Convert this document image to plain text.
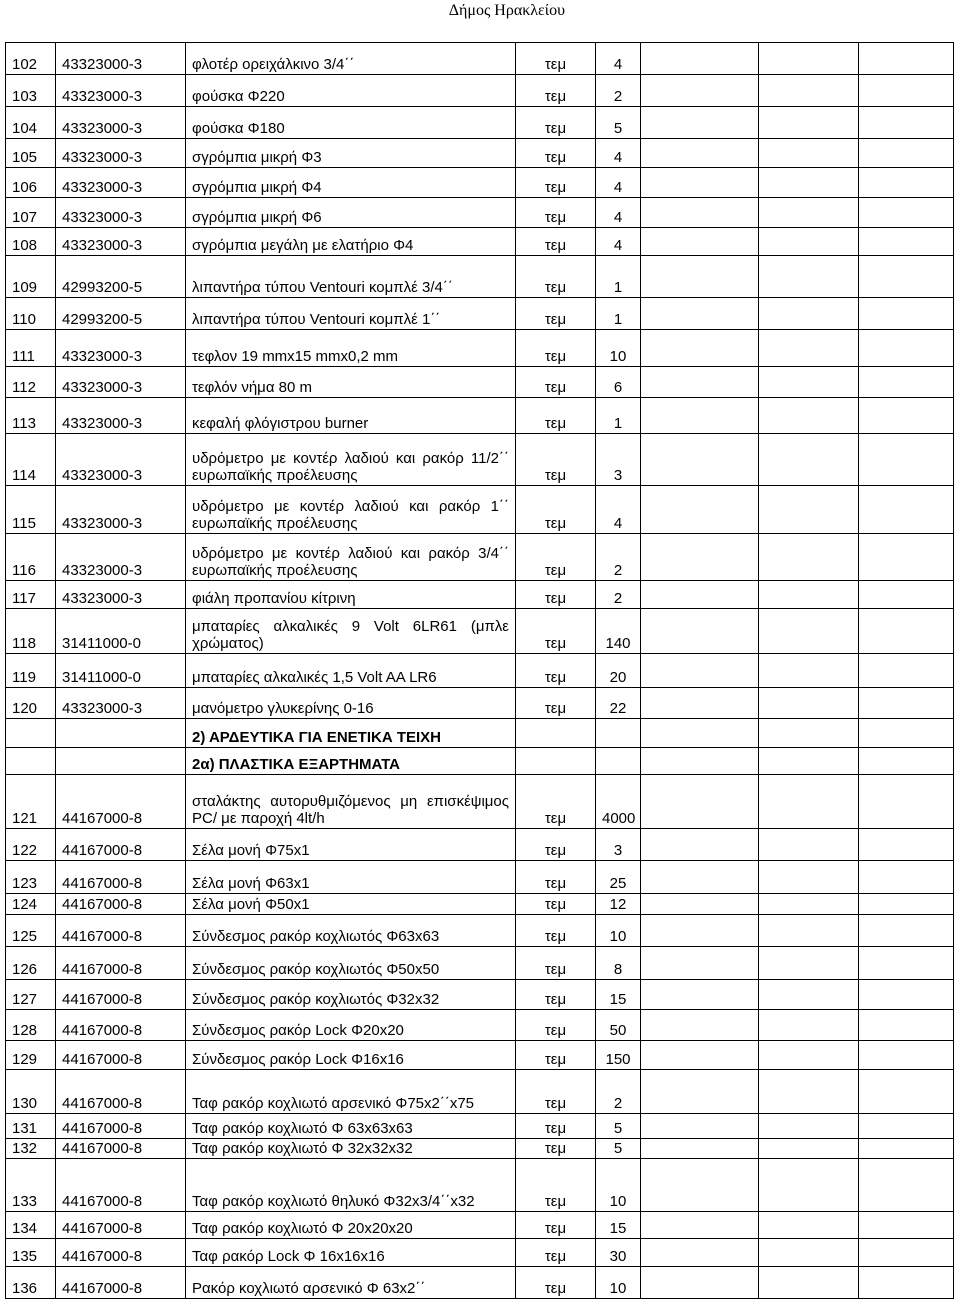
Δήμος Ηρακλείου
102	43323000-3	φλοτέρ ορειχάλκινο 3/4΄΄	τεμ	4			
103	43323000-3	φούσκα Φ220	τεμ	2			
104	43323000-3	φούσκα Φ180	τεμ	5			
105	43323000-3	σγρόμπια μικρή Φ3	τεμ	4			
106	43323000-3	σγρόμπια μικρή Φ4	τεμ	4			
107	43323000-3	σγρόμπια μικρή Φ6	τεμ	4			
108	43323000-3	σγρόμπια μεγάλη με ελατήριο Φ4	τεμ	4			
109	42993200-5	λιπαντήρα τύπου Ventouri κομπλέ 3/4΄΄	τεμ	1			
110	42993200-5	λιπαντήρα τύπου Ventouri κομπλέ 1΄΄	τεμ	1			
111	43323000-3	τεφλον 19 mmx15 mmx0,2 mm	τεμ	10			
112	43323000-3	τεφλόν νήμα 80 m	τεμ	6			
113	43323000-3	κεφαλή φλόγιστρου burner	τεμ	1			
114	43323000-3	υδρόμετρο με κοντέρ λαδιού και ρακόρ 11/2΄΄ ευρωπαϊκής προέλευσης	τεμ	3			
115	43323000-3	υδρόμετρο με κοντέρ λαδιού και ρακόρ 1΄΄ ευρωπαϊκής προέλευσης	τεμ	4			
116	43323000-3	υδρόμετρο με κοντέρ λαδιού και ρακόρ 3/4΄΄ ευρωπαϊκής προέλευσης	τεμ	2			
117	43323000-3	φιάλη προπανίου κίτρινη	τεμ	2			
118	31411000-0	μπαταρίες αλκαλικές 9 Volt 6LR61 (μπλε χρώματος)	τεμ	140			
119	31411000-0	μπαταρίες αλκαλικές 1,5 Volt AA LR6	τεμ	20			
120	43323000-3	μανόμετρο γλυκερίνης 0-16	τεμ	22			
		2) ΑΡΔΕΥΤΙΚΑ ΓΙΑ ΕΝΕΤΙΚΑ ΤΕΙΧΗ					
		2α) ΠΛΑΣΤΙΚΑ ΕΞΑΡΤΗΜΑΤΑ					
121	44167000-8	σταλάκτης αυτορυθμιζόμενος μη επισκέψιμος PC/ με παροχή 4lt/h	τεμ	4000			
122	44167000-8	Σέλα μονή Φ75x1	τεμ	3			
123	44167000-8	Σέλα μονή Φ63x1	τεμ	25			
124	44167000-8	Σέλα μονή Φ50x1	τεμ	12			
125	44167000-8	Σύνδεσμος ρακόρ κοχλιωτός Φ63x63	τεμ	10			
126	44167000-8	Σύνδεσμος ρακόρ κοχλιωτός Φ50x50	τεμ	8			
127	44167000-8	Σύνδεσμος ρακόρ κοχλιωτός Φ32x32	τεμ	15			
128	44167000-8	Σύνδεσμος ρακόρ Lock Φ20x20	τεμ	50			
129	44167000-8	Σύνδεσμος ρακόρ Lock Φ16x16	τεμ	150			
130	44167000-8	Ταφ ρακόρ κοχλιωτό αρσενικό Φ75x2΄΄x75	τεμ	2			
131	44167000-8	Ταφ ρακόρ κοχλιωτό Φ 63x63x63	τεμ	5			
132	44167000-8	Ταφ ρακόρ κοχλιωτό Φ 32x32x32	τεμ	5			
133	44167000-8	Ταφ ρακόρ κοχλιωτό θηλυκό Φ32x3/4΄΄x32	τεμ	10			
134	44167000-8	Ταφ ρακόρ κοχλιωτό Φ 20x20x20	τεμ	15			
135	44167000-8	Ταφ ρακόρ Lock Φ 16x16x16	τεμ	30			
136	44167000-8	Ρακόρ κοχλιωτό αρσενικό Φ 63x2΄΄	τεμ	10			
